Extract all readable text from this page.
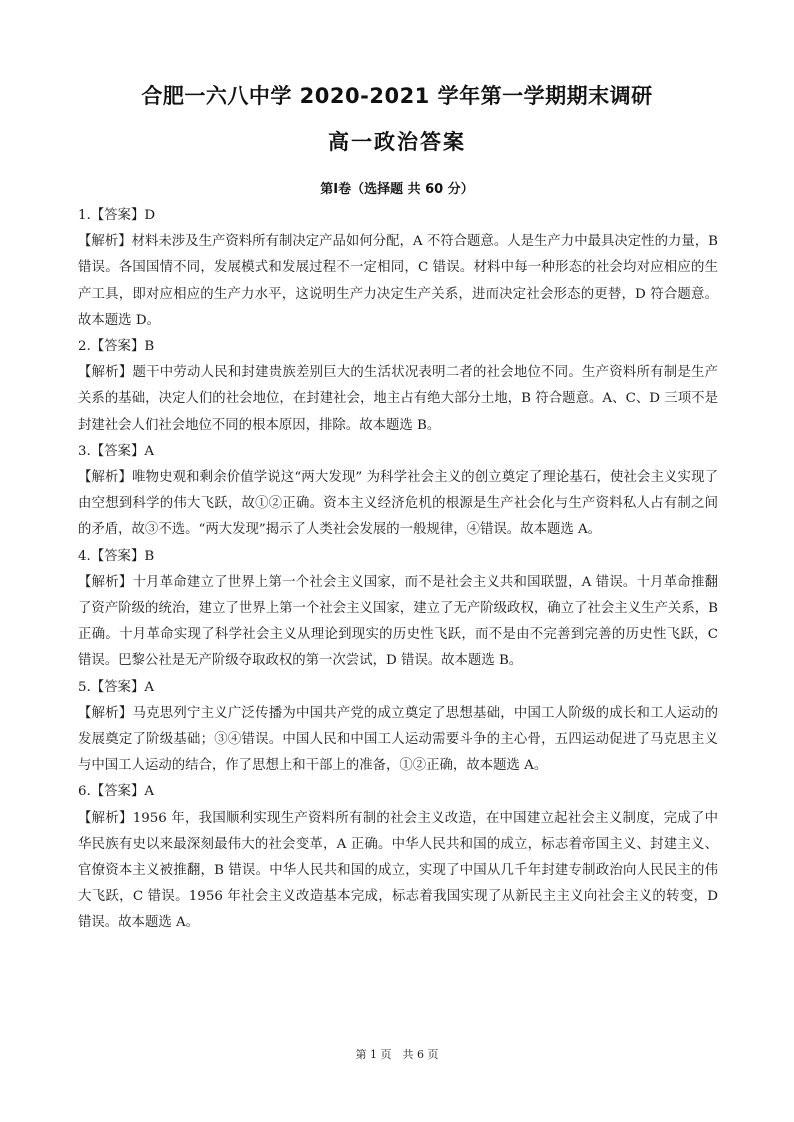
合肥一六八中学 2020-2021 学年第一学期期末调研
高一政治答案
第Ⅰ卷（选择题 共 60 分）

1.【答案】D

【解析】材料未涉及生产资料所有制决定产品如何分配，A 不符合题意。人是生产力中最具决定性的力量，B 错误。各国国情不同，发展模式和发展过程不一定相同，C 错误。材料中每一种形态的社会均对应相应的生产工具，即对应相应的生产力水平，这说明生产力决定生产关系，进而决定社会形态的更替，D 符合题意。故本题选 D。

2.【答案】B

【解析】题干中劳动人民和封建贵族差别巨大的生活状况表明二者的社会地位不同。生产资料所有制是生产关系的基础，决定人们的社会地位，在封建社会，地主占有绝大部分土地，B 符合题意。A、C、D 三项不是封建社会人们社会地位不同的根本原因，排除。故本题选 B。

3.【答案】A

【解析】唯物史观和剩余价值学说这“两大发现” 为科学社会主义的创立奠定了理论基石，使社会主义实现了由空想到科学的伟大飞跃，故①②正确。资本主义经济危机的根源是生产社会化与生产资料私人占有制之间的矛盾，故③不选。“两大发现”揭示了人类社会发展的一般规律，④错误。故本题选 A。

4.【答案】B

【解析】十月革命建立了世界上第一个社会主义国家，而不是社会主义共和国联盟，A 错误。十月革命推翻了资产阶级的统治，建立了世界上第一个社会主义国家，建立了无产阶级政权，确立了社会主义生产关系，B 正确。十月革命实现了科学社会主义从理论到现实的历史性飞跃，而不是由不完善到完善的历史性飞跃，C 错误。巴黎公社是无产阶级夺取政权的第一次尝试，D 错误。故本题选 B。

5.【答案】A

【解析】马克思列宁主义广泛传播为中国共产党的成立奠定了思想基础，中国工人阶级的成长和工人运动的发展奠定了阶级基础；③④错误。中国人民和中国工人运动需要斗争的主心骨，五四运动促进了马克思主义与中国工人运动的结合，作了思想上和干部上的准备，①②正确，故本题选 A。

6.【答案】A

【解析】1956 年，我国顺利实现生产资料所有制的社会主义改造，在中国建立起社会主义制度，完成了中华民族有史以来最深刻最伟大的社会变革，A 正确。中华人民共和国的成立，标志着帝国主义、封建主义、官僚资本主义被推翻，B 错误。中华人民共和国的成立，实现了中国从几千年封建专制政治向人民民主的伟大飞跃，C 错误。1956 年社会主义改造基本完成，标志着我国实现了从新民主主义向社会主义的转变，D 错误。故本题选 A。

第 1 页　共 6 页
